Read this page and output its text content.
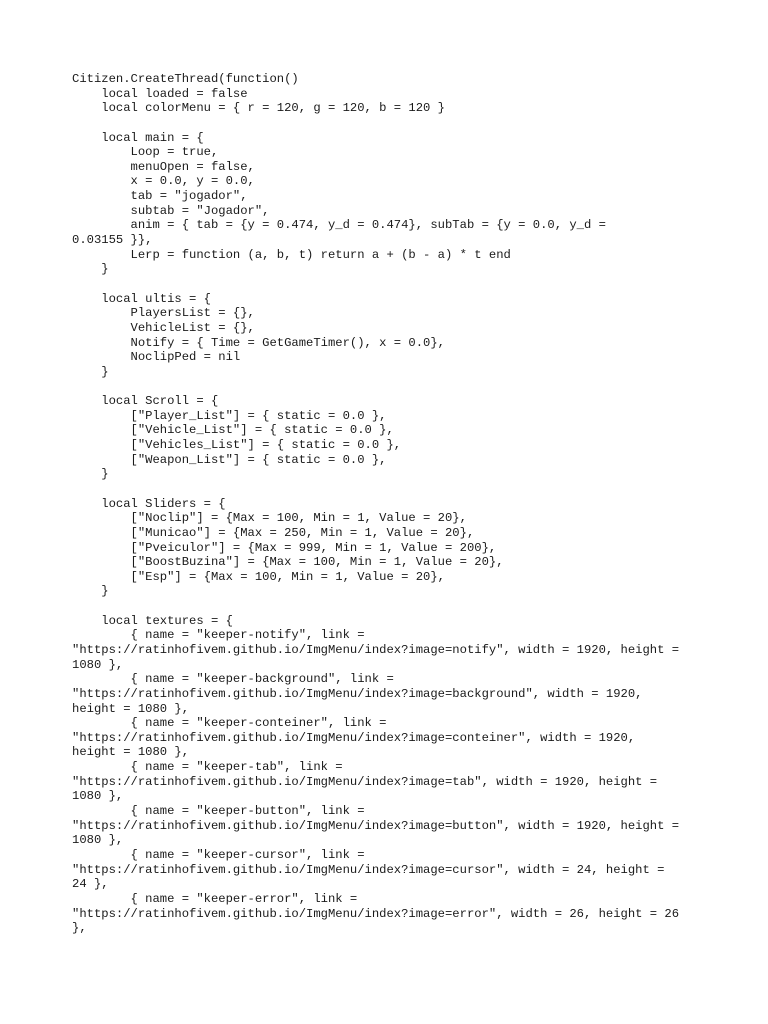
Citizen.CreateThread(function()
local loaded = false
local colorMenu = { r = 120, g = 120, b = 120 }
local main = {
Loop = true,
menuOpen = false,
x = 0.0, y = 0.0,
tab = "jogador",
subtab = "Jogador",
anim = { tab = {y = 0.474, y_d = 0.474}, subTab = {y = 0.0, y_d =
0.03155 }},
Lerp = function (a, b, t) return a + (b - a) * t end
}
local ultis = {
PlayersList = {},
VehicleList = {},
Notify = { Time = GetGameTimer(), x = 0.0},
NoclipPed = nil
}
local Scroll = {
["Player_List"] = { static = 0.0 },
["Vehicle_List"] = { static = 0.0 },
["Vehicles_List"] = { static = 0.0 },
["Weapon_List"] = { static = 0.0 },
}
local Sliders = {
["Noclip"] = {Max = 100, Min = 1, Value = 20},
["Municao"] = {Max = 250, Min = 1, Value = 20},
["Pveiculor"] = {Max = 999, Min = 1, Value = 200},
["BoostBuzina"] = {Max = 100, Min = 1, Value = 20},
["Esp"] = {Max = 100, Min = 1, Value = 20},
}
local textures = {
{ name = "keeper-notify", link =
"https://ratinhofivem.github.io/ImgMenu/index?image=notify", width = 1920, height =
1080 },
{ name = "keeper-background", link =
"https://ratinhofivem.github.io/ImgMenu/index?image=background", width = 1920,
height = 1080 },
{ name = "keeper-conteiner", link =
"https://ratinhofivem.github.io/ImgMenu/index?image=conteiner", width = 1920,
height = 1080 },
{ name = "keeper-tab", link =
"https://ratinhofivem.github.io/ImgMenu/index?image=tab", width = 1920, height =
1080 },
{ name = "keeper-button", link =
"https://ratinhofivem.github.io/ImgMenu/index?image=button", width = 1920, height =
1080 },
{ name = "keeper-cursor", link =
"https://ratinhofivem.github.io/ImgMenu/index?image=cursor", width = 24, height =
24 },
{ name = "keeper-error", link =
"https://ratinhofivem.github.io/ImgMenu/index?image=error", width = 26, height = 26
},
